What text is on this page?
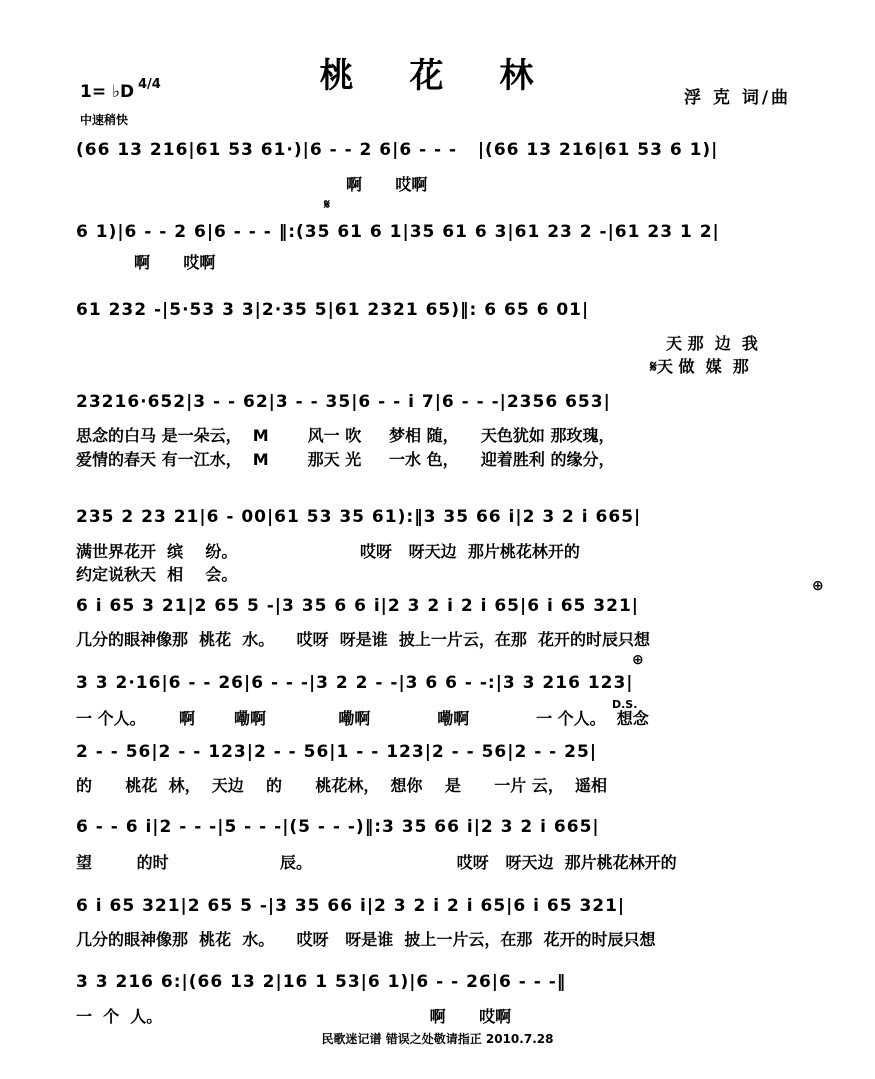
桃 花 林
1= ♭D 4/4
中速稍快
浮 克 词/曲
(66 13 216|61 53 61·)|6 - - 2 6|6 - - -   |(66 13 216|61 53 6 1)|
啊      哎啊
𝄋
6 1)|6 - - 2 6|6 - - - ‖:(35 61 6 1|35 61 6 3|61 23 2 -|61 23 1 2|
啊      哎啊
61 232 -|5·53 3 3|2·35 5|61 2321 65)‖: 6 65 6 01|
天 那  边  我
𝄋天 做  媒  那
23216·652|3 - - 62|3 - - 35|6 - - i 7|6 - - -|2356 653|
思念的白马 是一朵云，  M       风一 吹     梦相 随，    天色犹如 那玫瑰，
爱情的春天 有一江水，  M       那天 光     一水 色，    迎着胜利 的缘分，
235 2 23 21|6 - 00|61 53 35 61):‖3 35 66 i|2 3 2 i 665|
满世界花开  缤    纷。                      哎呀   呀天边  那片桃花林开的
约定说秋天  相    会。
⊕
6 i 65 3 21|2 65 5 -|3 35 6 6 i|2 3 2 i 2 i 65|6 i 65 321|
几分的眼神像那  桃花  水。    哎呀  呀是谁  披上一片云，在那  花开的时辰只想
⊕
D.S.
3 3 2·16|6 - - 26|6 - - -|3 2 2 - -|3 6 6 - -:|3 3 216 123|
一 个人。      啊       嘞啊             嘞啊            嘞啊            一 个人。  想念
2 - - 56|2 - - 123|2 - - 56|1 - - 123|2 - - 56|2 - - 25|
的      桃花  林，  天边    的      桃花林，  想你    是      一片 云，  遥相
6 - - 6 i|2 - - -|5 - - -|(5 - - -)‖:3 35 66 i|2 3 2 i 665|
望        的时                    辰。                          哎呀   呀天边  那片桃花林开的
6 i 65 321|2 65 5 -|3 35 66 i|2 3 2 i 2 i 65|6 i 65 321|
几分的眼神像那  桃花  水。    哎呀   呀是谁  披上一片云，在那  花开的时辰只想
3 3 216 6:|(66 13 2|16 1 53|6 1)|6 - - 26|6 - - -‖
一  个  人。                                                啊      哎啊
民歌迷记谱 错误之处敬请指正 2010.7.28
